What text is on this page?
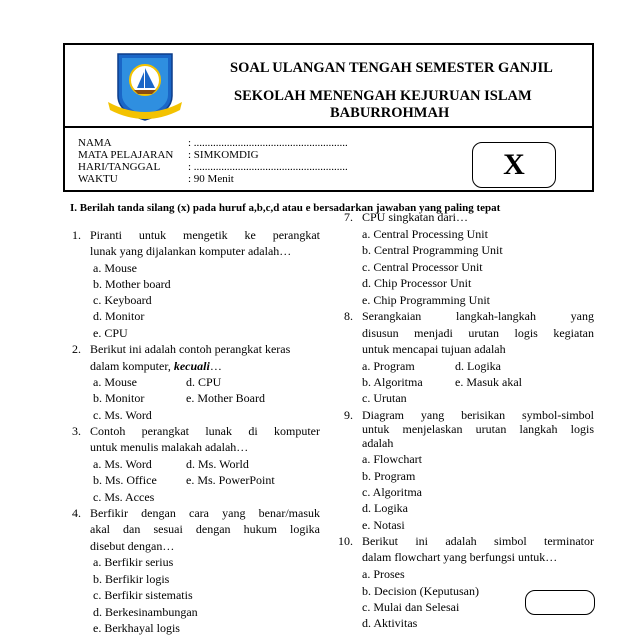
SOAL ULANGAN TENGAH SEMESTER GANJIL
SEKOLAH MENENGAH KEJURUAN ISLAM
BABURROHMAH
NAMA	: ........................................................
MATA PELAJARAN	: SIMKOMDIG
HARI/TANGGAL	: ........................................................
WAKTU	: 90 Menit	X
I. Berilah tanda silang (x) pada huruf a,b,c,d atau e bersadarkan jawaban yang paling tepat
1. Piranti untuk mengetik ke perangkat
lunak yang dijalankan komputer adalah…
a. Mouse
b. Mother board
c. Keyboard
d. Monitor
e. CPU
2. Berikut ini adalah contoh perangkat keras
dalam komputer, kecuali…
a. Mouse	d. CPU
b. Monitor	e. Mother Board
c. Ms. Word
3. Contoh perangkat lunak di komputer
untuk menulis malakah adalah…
a. Ms. Word	d. Ms. World
b. Ms. Office e. Ms. PowerPoint
c. Ms. Acces
4. Berfikir dengan cara yang benar/masuk
akal dan sesuai dengan hukum logika
disebut dengan…
a. Berfikir serius
b. Berfikir logis
c. Berfikir sistematis
d. Berkesinambungan
e. Berkhayal logis
7. CPU singkatan dari…
a. Central Processing Unit
b. Central Programming Unit
c. Central Processor Unit
d. Chip Processor Unit
e. Chip Programming Unit
8. Serangkaian langkah-langkah yang
disusun menjadi urutan logis kegiatan
untuk mencapai tujuan adalah
a. Program	d. Logika
b. Algoritma	e. Masuk akal
c. Urutan
9. Diagram yang berisikan symbol-simbol
untuk menjelaskan urutan langkah logis
adalah
a. Flowchart
b. Program
c. Algoritma
d. Logika
e. Notasi
10. Berikut ini adalah simbol terminator
dalam flowchart yang berfungsi untuk…
a. Proses
b. Decision (Keputusan)
c. Mulai dan Selesai
d. Aktivitas
